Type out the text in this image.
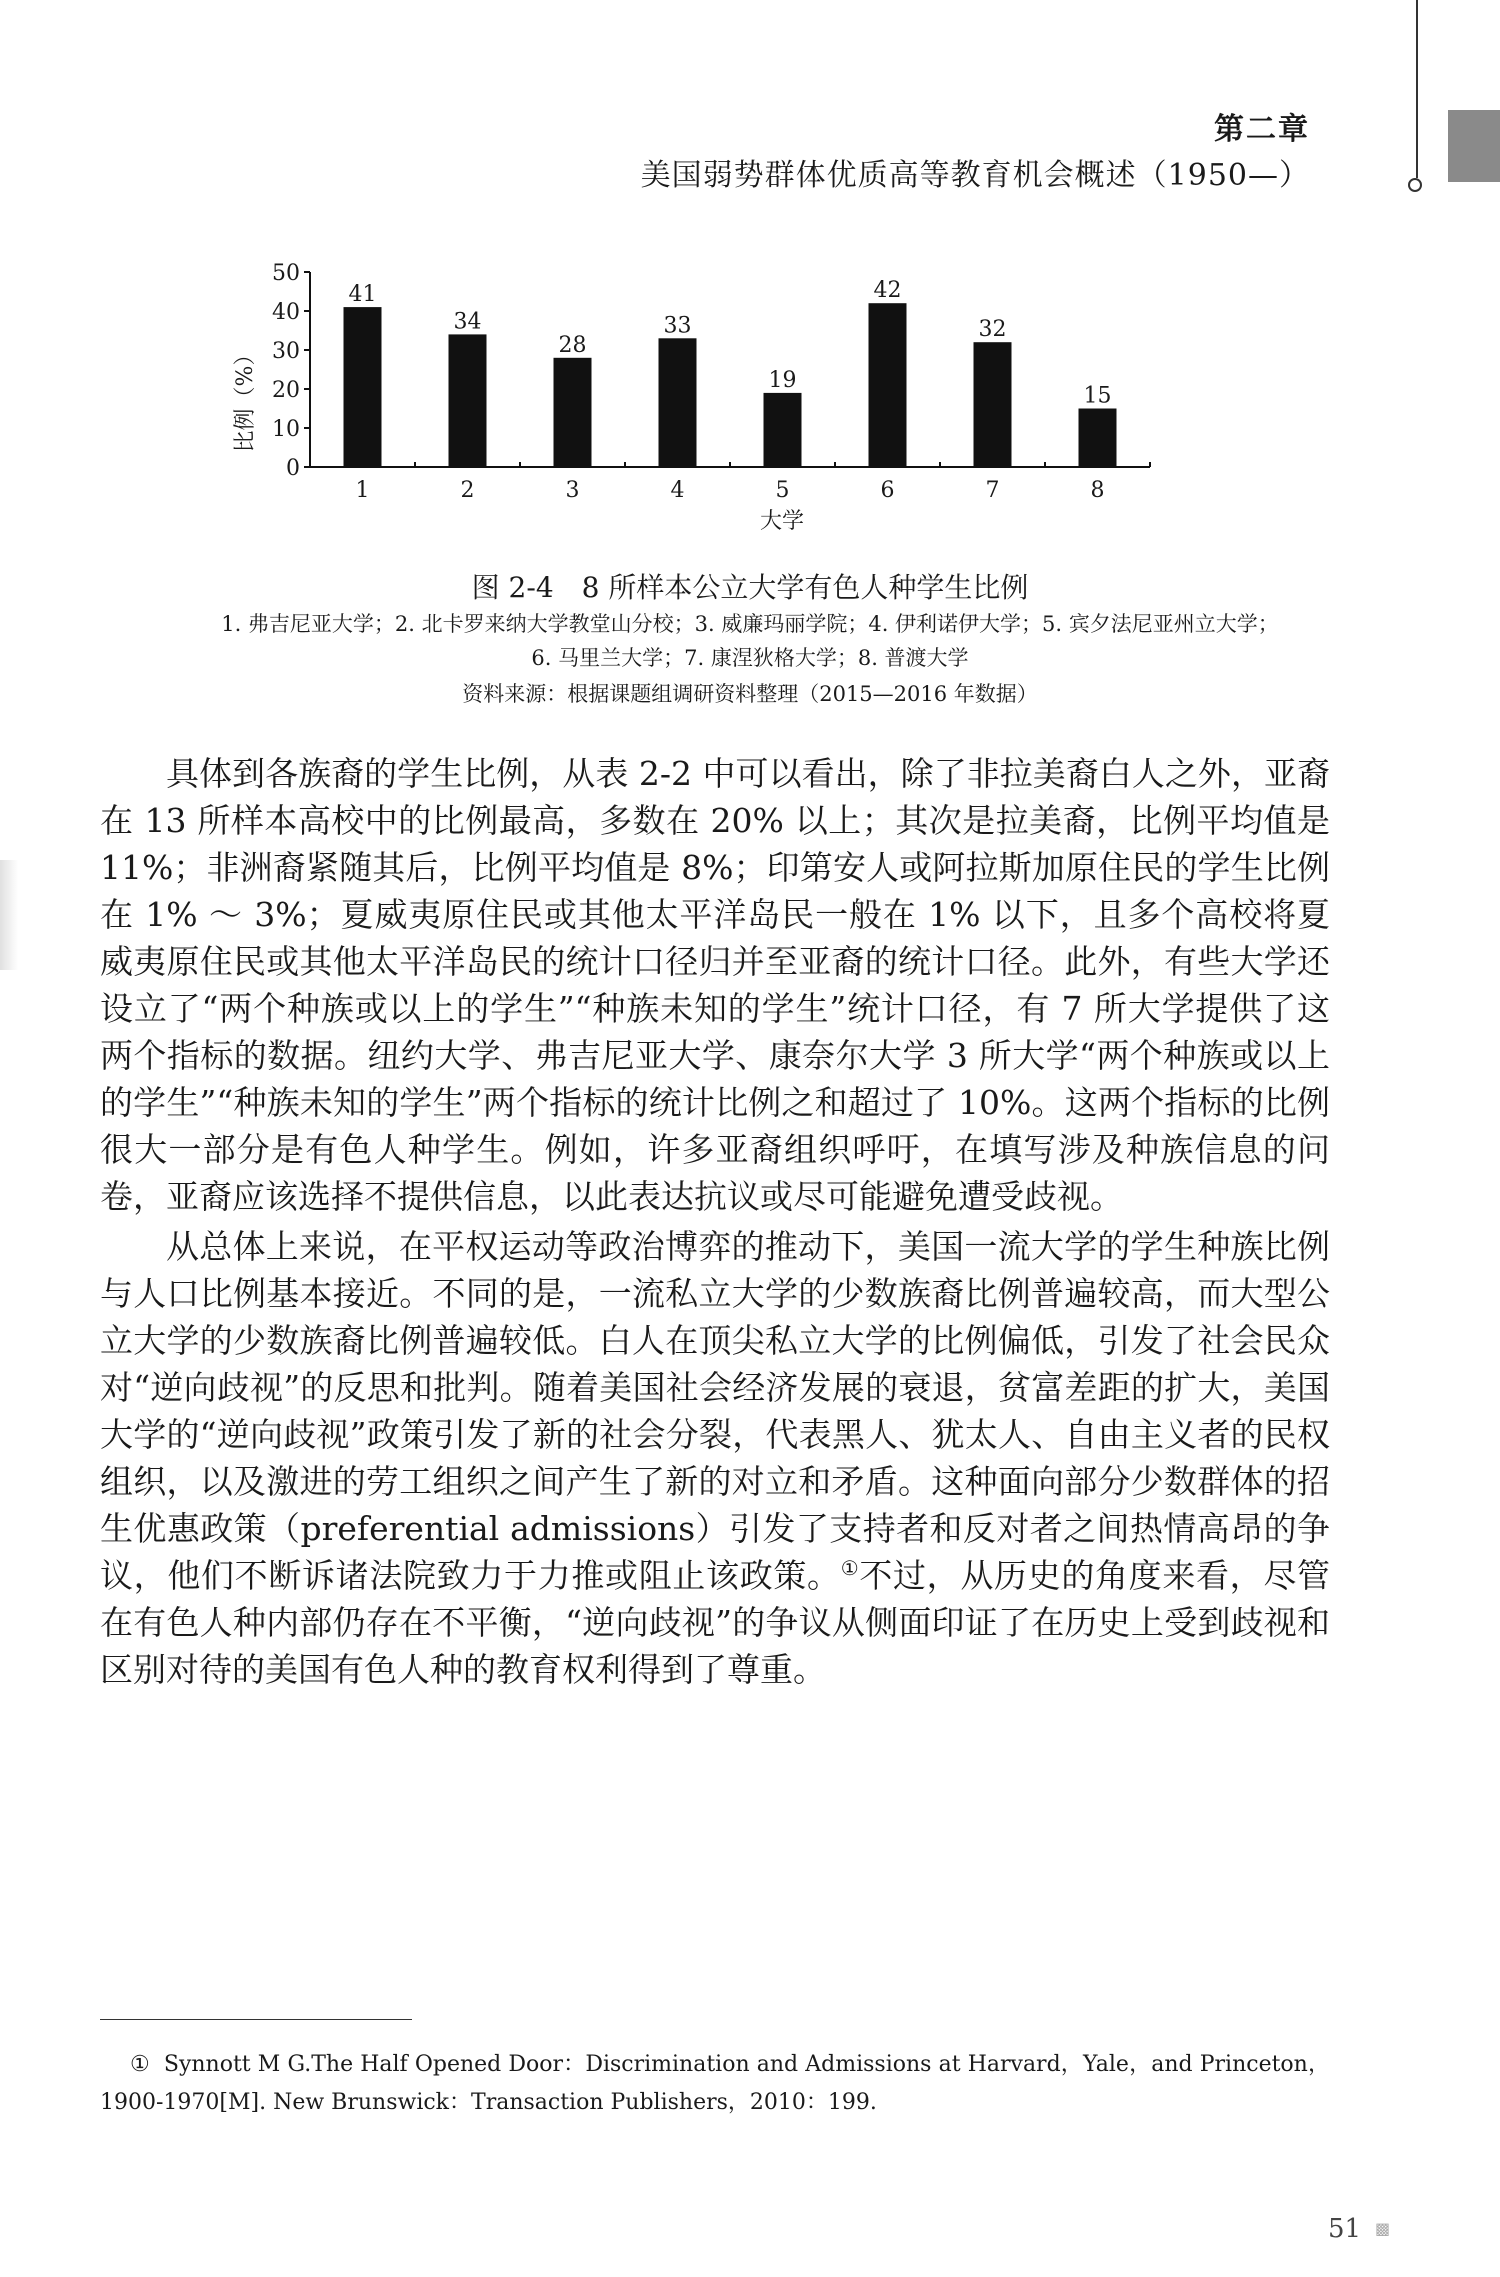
第二章
美国弱势群体优质高等教育机会概述（1950—）
比例（%）
0
10
20
30
40
50
41
1
34
2
28
3
33
4
19
5
42
6
32
7
15
8
大学
图 2-4　8 所样本公立大学有色人种学生比例
1. 弗吉尼亚大学；2. 北卡罗来纳大学教堂山分校；3. 威廉玛丽学院；4. 伊利诺伊大学；5. 宾夕法尼亚州立大学；
6. 马里兰大学；7. 康涅狄格大学；8. 普渡大学
资料来源：根据课题组调研资料整理（2015—2016 年数据）

具体到各族裔的学生比例，从表 2-2 中可以看出，除了非拉美裔白人之外，亚裔在 13 所样本高校中的比例最高，多数在 20% 以上；其次是拉美裔，比例平均值是 11%；非洲裔紧随其后，比例平均值是 8%；印第安人或阿拉斯加原住民的学生比例在 1% ～ 3%；夏威夷原住民或其他太平洋岛民一般在 1% 以下，且多个高校将夏威夷原住民或其他太平洋岛民的统计口径归并至亚裔的统计口径。此外，有些大学还设立了“两个种族或以上的学生”“种族未知的学生”统计口径，有 7 所大学提供了这两个指标的数据。纽约大学、弗吉尼亚大学、康奈尔大学 3 所大学“两个种族或以上的学生”“种族未知的学生”两个指标的统计比例之和超过了 10%。这两个指标的比例很大一部分是有色人种学生。例如，许多亚裔组织呼吁，在填写涉及种族信息的问卷，亚裔应该选择不提供信息，以此表达抗议或尽可能避免遭受歧视。

从总体上来说，在平权运动等政治博弈的推动下，美国一流大学的学生种族比例与人口比例基本接近。不同的是，一流私立大学的少数族裔比例普遍较高，而大型公立大学的少数族裔比例普遍较低。白人在顶尖私立大学的比例偏低，引发了社会民众对“逆向歧视”的反思和批判。随着美国社会经济发展的衰退，贫富差距的扩大，美国大学的“逆向歧视”政策引发了新的社会分裂，代表黑人、犹太人、自由主义者的民权组织，以及激进的劳工组织之间产生了新的对立和矛盾。这种面向部分少数群体的招生优惠政策（preferential admissions）引发了支持者和反对者之间热情高昂的争议，他们不断诉诸法院致力于力推或阻止该政策。①不过，从历史的角度来看，尽管在有色人种内部仍存在不平衡，“逆向歧视”的争议从侧面印证了在历史上受到歧视和区别对待的美国有色人种的教育权利得到了尊重。

① Synnott M G.The Half Opened Door：Discrimination and Admissions at Harvard，Yale，and Princeton，1900-1970[M]. New Brunswick：Transaction Publishers，2010：199.
51 ▩
